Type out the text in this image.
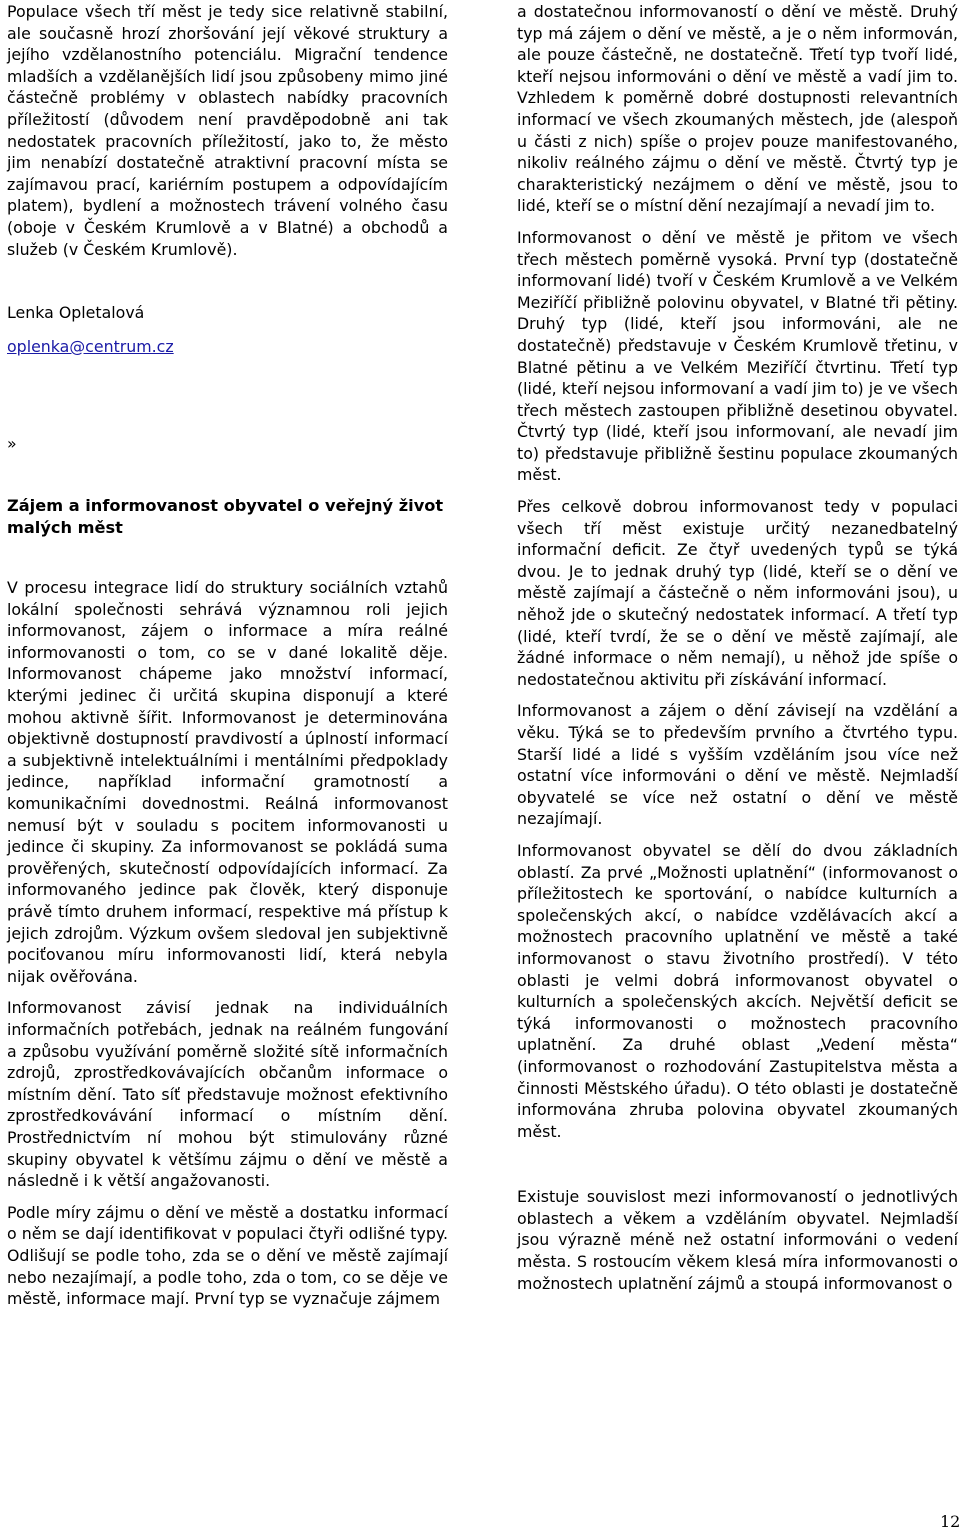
Populace všech tří měst je tedy sice relativně stabilní, ale současně hrozí zhoršování její věkové struktury a jejího vzdělanostního potenciálu. Migrační tendence mladších a vzdělanějších lidí jsou způsobeny mimo jiné částečně problémy v oblastech nabídky pracovních příležitostí (důvodem není pravděpodobně ani tak nedostatek pracovních příležitostí, jako to, že město jim nenabízí dostatečně atraktivní pracovní místa se zajímavou prací, kariérním postupem a odpovídajícím platem), bydlení a možnostech trávení volného času (oboje v Českém Krumlově a v Blatné) a obchodů a služeb (v Českém Krumlově).

Lenka Opletalová

oplenka@centrum.cz

»

Zájem a informovanost obyvatel o veřejný život malých měst

V procesu integrace lidí do struktury sociálních vztahů lokální společnosti sehrává významnou roli jejich informovanost, zájem o informace a míra reálné informovanosti o tom, co se v dané lokalitě děje. Informovanost chápeme jako množství informací, kterými jedinec či určitá skupina disponují a které mohou aktivně šířit. Informovanost je determinována objektivně dostupností pravdivostí a úplností informací a subjektivně intelektuálními i mentálními předpoklady jedince, například informační gramotností a komunikačními dovednostmi. Reálná informovanost nemusí být v souladu s pocitem informovanosti u jedince či skupiny. Za informovanost se pokládá suma prověřených, skutečností odpovídajících informací. Za informovaného jedince pak člověk, který disponuje právě tímto druhem informací, respektive má přístup k jejich zdrojům. Výzkum ovšem sledoval jen subjektivně pociťovanou míru informovanosti lidí, která nebyla nijak ověřována.

Informovanost závisí jednak na individuálních informačních potřebách, jednak na reálném fungování a způsobu využívání poměrně složité sítě informačních zdrojů, zprostředkovávajících občanům informace o místním dění. Tato síť představuje možnost efektivního zprostředkovávání informací o místním dění. Prostřednictvím ní mohou být stimulovány různé skupiny obyvatel k většímu zájmu o dění ve městě a následně i k větší angažovanosti.

Podle míry zájmu o dění ve městě a dostatku informací o něm se dají identifikovat v populaci čtyři odlišné typy. Odlišují se podle toho, zda se o dění ve městě zajímají nebo nezajímají, a podle toho, zda o tom, co se děje ve městě, informace mají. První typ se vyznačuje zájmem

a dostatečnou informovaností o dění ve městě. Druhý typ má zájem o dění ve městě, a je o něm informován, ale pouze částečně, ne dostatečně. Třetí typ tvoří lidé, kteří nejsou informováni o dění ve městě a vadí jim to. Vzhledem k poměrně dobré dostupnosti relevantních informací ve všech zkoumaných městech, jde (alespoň u části z nich) spíše o projev pouze manifestovaného, nikoliv reálného zájmu o dění ve městě. Čtvrtý typ je charakteristický nezájmem o dění ve městě, jsou to lidé, kteří se o místní dění nezajímají a nevadí jim to.

Informovanost o dění ve městě je přitom ve všech třech městech poměrně vysoká. První typ (dostatečně informovaní lidé) tvoří v Českém Krumlově a ve Velkém Meziříčí přibližně polovinu obyvatel, v Blatné tři pětiny. Druhý typ (lidé, kteří jsou informováni, ale ne dostatečně) představuje v Českém Krumlově třetinu, v Blatné pětinu a ve Velkém Meziříčí čtvrtinu. Třetí typ (lidé, kteří nejsou informovaní a vadí jim to) je ve všech třech městech zastoupen přibližně desetinou obyvatel. Čtvrtý typ (lidé, kteří jsou informovaní, ale nevadí jim to) představuje přibližně šestinu populace zkoumaných měst.

Přes celkově dobrou informovanost tedy v populaci všech tří měst existuje určitý nezanedbatelný informační deficit. Ze čtyř uvedených typů se týká dvou. Je to jednak druhý typ (lidé, kteří se o dění ve městě zajímají a částečně o něm informováni jsou), u něhož jde o skutečný nedostatek informací. A třetí typ (lidé, kteří tvrdí, že se o dění ve městě zajímají, ale žádné informace o něm nemají), u něhož jde spíše o nedostatečnou aktivitu při získávání informací.

Informovanost a zájem o dění závisejí na vzdělání a věku. Týká se to především prvního a čtvrtého typu. Starší lidé a lidé s vyšším vzděláním jsou více než ostatní více informováni o dění ve městě. Nejmladší obyvatelé se více než ostatní o dění ve městě nezajímají.

Informovanost obyvatel se dělí do dvou základních oblastí. Za prvé „Možnosti uplatnění“ (informovanost o příležitostech ke sportování, o nabídce kulturních a společenských akcí, o nabídce vzdělávacích akcí a možnostech pracovního uplatnění ve městě a také informovanost o stavu životního prostředí). V této oblasti je velmi dobrá informovanost obyvatel o kulturních a společenských akcích. Největší deficit se týká informovanosti o možnostech pracovního uplatnění. Za druhé oblast „Vedení města“ (informovanost o rozhodování Zastupitelstva města a činnosti Městského úřadu). O této oblasti je dostatečně informována zhruba polovina obyvatel zkoumaných měst.

Existuje souvislost mezi informovaností o jednotlivých oblastech a věkem a vzděláním obyvatel. Nejmladší jsou výrazně méně než ostatní informováni o vedení města. S rostoucím věkem klesá míra informovanosti o možnostech uplatnění zájmů a stoupá informovanost o

12
